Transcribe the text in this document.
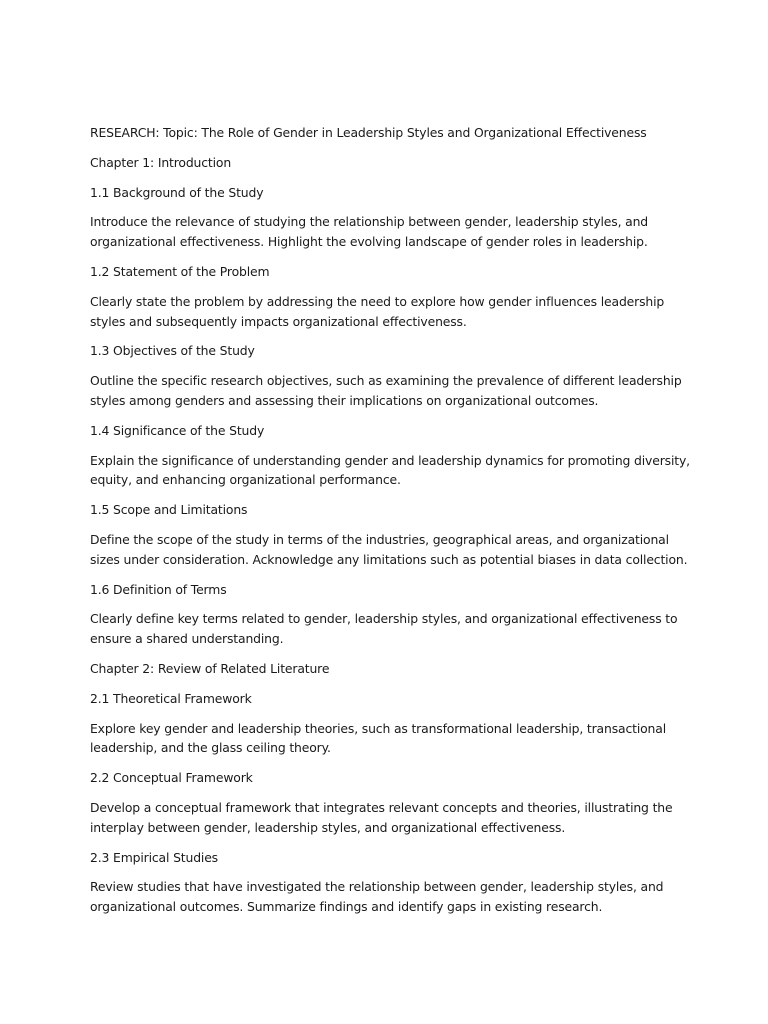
RESEARCH: Topic: The Role of Gender in Leadership Styles and Organizational Effectiveness
Chapter 1: Introduction
1.1 Background of the Study
Introduce the relevance of studying the relationship between gender, leadership styles, and organizational effectiveness. Highlight the evolving landscape of gender roles in leadership.
1.2 Statement of the Problem
Clearly state the problem by addressing the need to explore how gender influences leadership styles and subsequently impacts organizational effectiveness.
1.3 Objectives of the Study
Outline the specific research objectives, such as examining the prevalence of different leadership styles among genders and assessing their implications on organizational outcomes.
1.4 Significance of the Study
Explain the significance of understanding gender and leadership dynamics for promoting diversity, equity, and enhancing organizational performance.
1.5 Scope and Limitations
Define the scope of the study in terms of the industries, geographical areas, and organizational sizes under consideration. Acknowledge any limitations such as potential biases in data collection.
1.6 Definition of Terms
Clearly define key terms related to gender, leadership styles, and organizational effectiveness to ensure a shared understanding.
Chapter 2: Review of Related Literature
2.1 Theoretical Framework
Explore key gender and leadership theories, such as transformational leadership, transactional leadership, and the glass ceiling theory.
2.2 Conceptual Framework
Develop a conceptual framework that integrates relevant concepts and theories, illustrating the interplay between gender, leadership styles, and organizational effectiveness.
2.3 Empirical Studies
Review studies that have investigated the relationship between gender, leadership styles, and organizational outcomes. Summarize findings and identify gaps in existing research.
